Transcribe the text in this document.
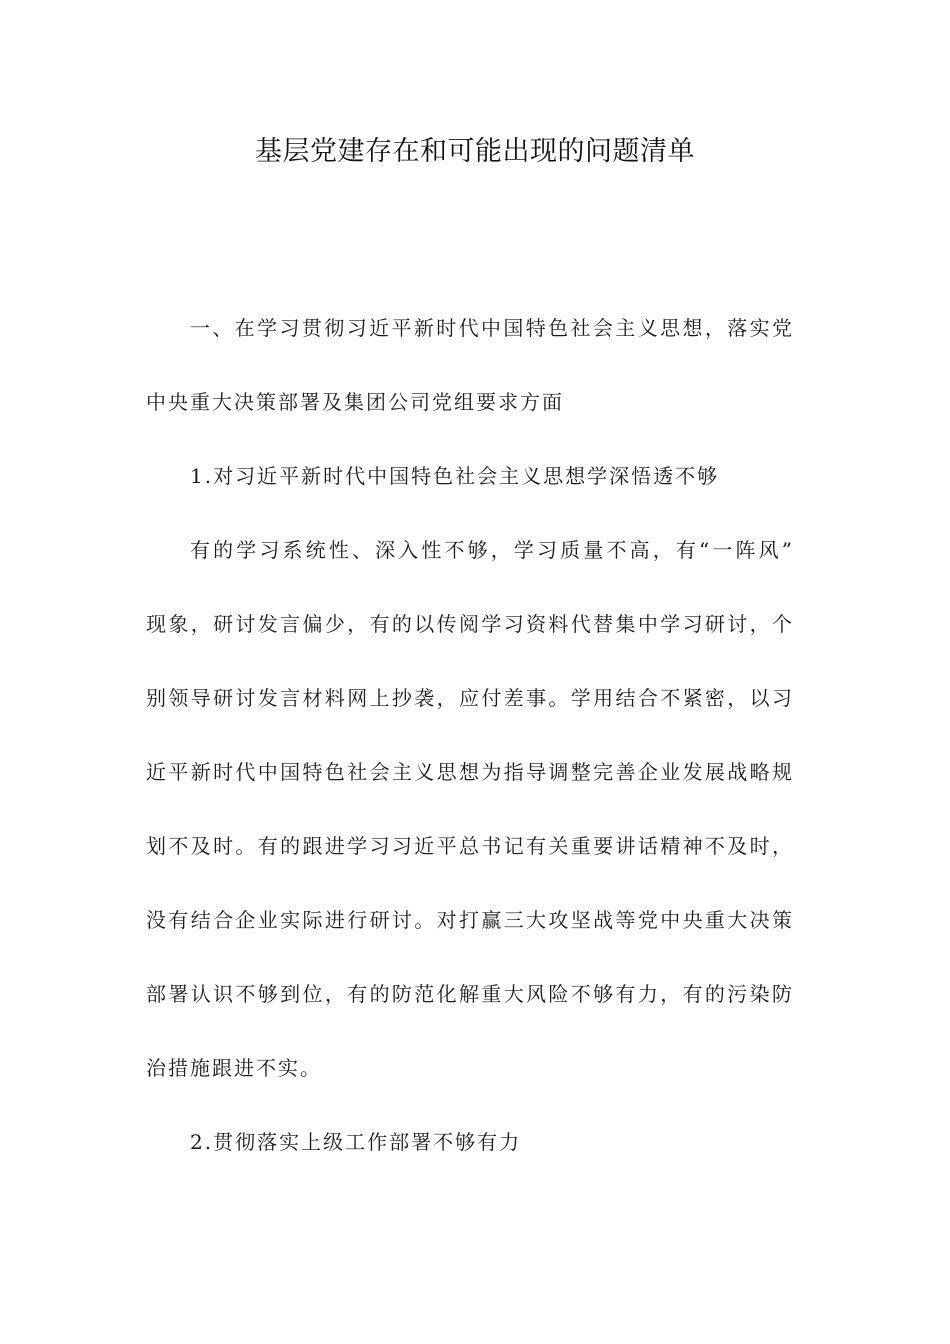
基层党建存在和可能出现的问题清单
一、在学习贯彻习近平新时代中国特色社会主义思想，落实党
中央重大决策部署及集团公司党组要求方面
1.对习近平新时代中国特色社会主义思想学深悟透不够
有的学习系统性、深入性不够，学习质量不高，有“一阵风”
现象，研讨发言偏少，有的以传阅学习资料代替集中学习研讨，个
别领导研讨发言材料网上抄袭，应付差事。学用结合不紧密，以习
近平新时代中国特色社会主义思想为指导调整完善企业发展战略规
划不及时。有的跟进学习习近平总书记有关重要讲话精神不及时，
没有结合企业实际进行研讨。对打赢三大攻坚战等党中央重大决策
部署认识不够到位，有的防范化解重大风险不够有力，有的污染防
治措施跟进不实。
2.贯彻落实上级工作部署不够有力
